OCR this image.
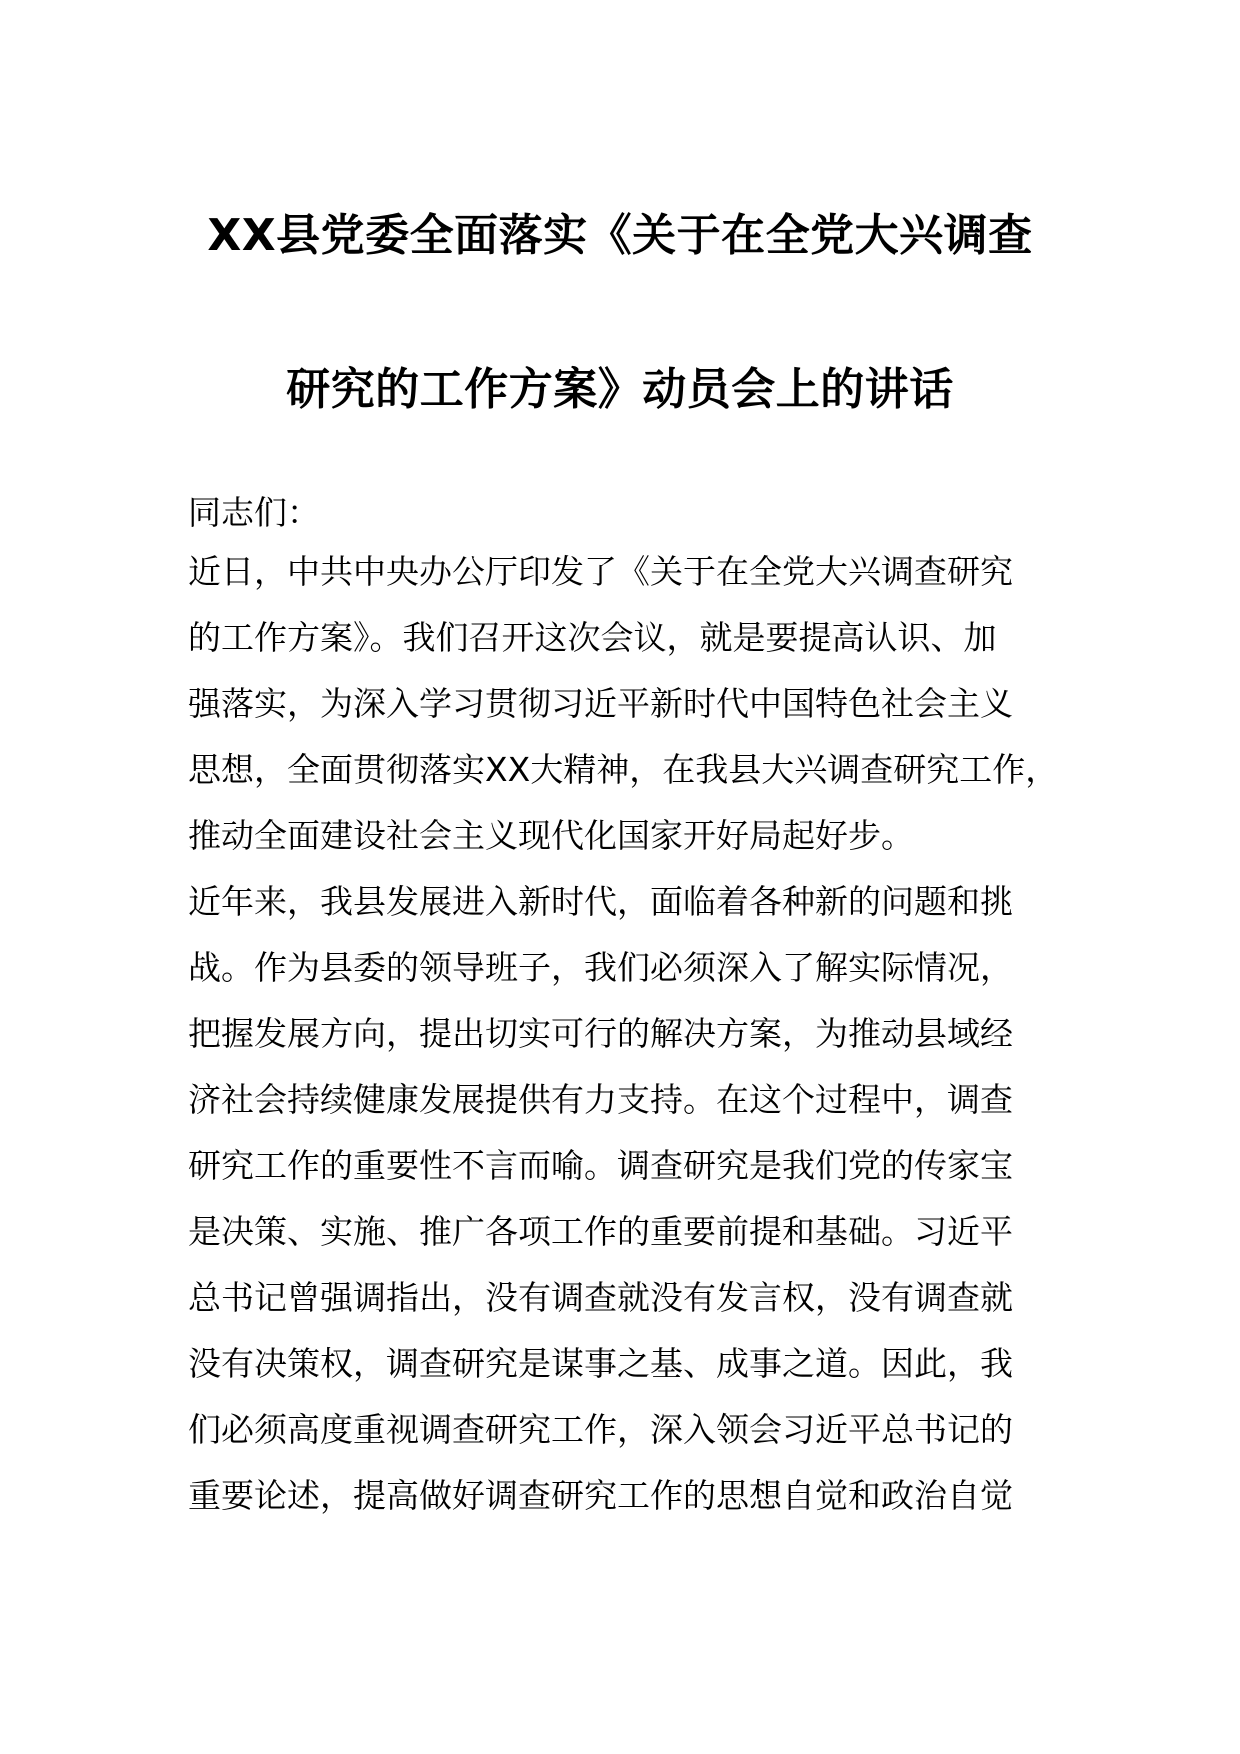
XX县党委全面落实《关于在全党大兴调查
研究的工作方案》动员会上的讲话
同志们：
近日，中共中央办公厅印发了《关于在全党大兴调查研究
的工作方案》。我们召开这次会议，就是要提高认识、加
强落实，为深入学习贯彻习近平新时代中国特色社会主义
思想，全面贯彻落实XX大精神，在我县大兴调查研究工作，
推动全面建设社会主义现代化国家开好局起好步。
近年来，我县发展进入新时代，面临着各种新的问题和挑
战。作为县委的领导班子，我们必须深入了解实际情况，
把握发展方向，提出切实可行的解决方案，为推动县域经
济社会持续健康发展提供有力支持。在这个过程中，调查
研究工作的重要性不言而喻。调查研究是我们党的传家宝
是决策、实施、推广各项工作的重要前提和基础。习近平
总书记曾强调指出，没有调查就没有发言权，没有调查就
没有决策权，调查研究是谋事之基、成事之道。因此，我
们必须高度重视调查研究工作，深入领会习近平总书记的
重要论述，提高做好调查研究工作的思想自觉和政治自觉
